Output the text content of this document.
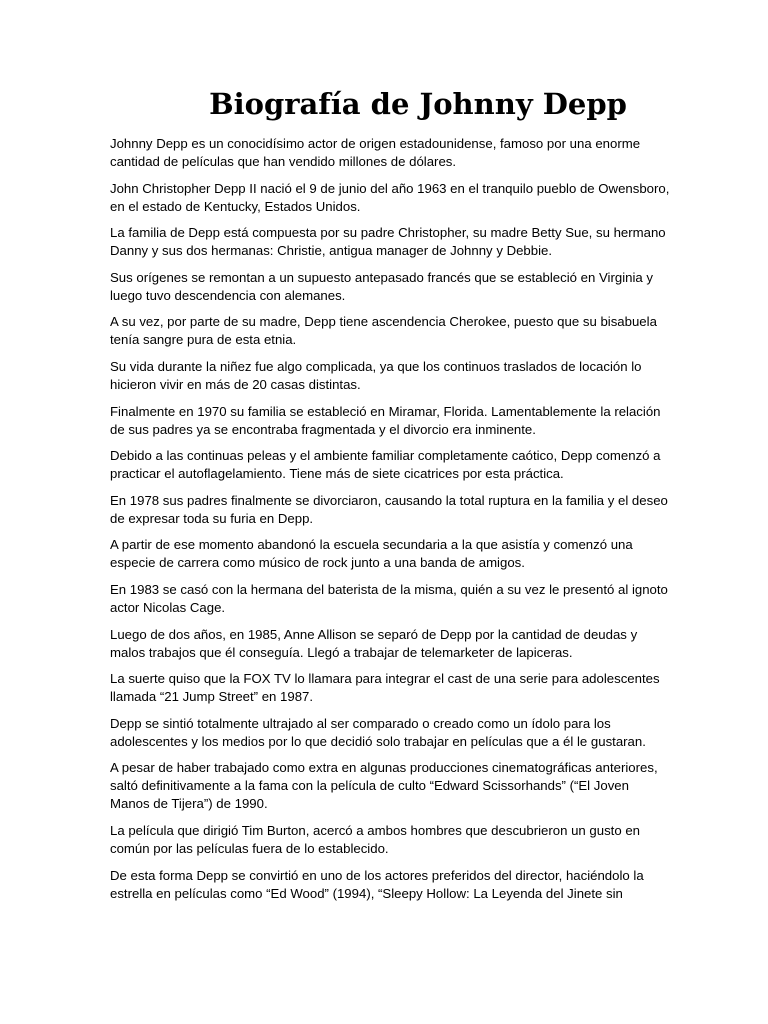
Biografía de Johnny Depp

Johnny Depp es un conocidísimo actor de origen estadounidense, famoso por una enorme cantidad de películas que han vendido millones de dólares.

John Christopher Depp II nació el 9 de junio del año 1963 en el tranquilo pueblo de Owensboro, en el estado de Kentucky, Estados Unidos.

La familia de Depp está compuesta por su padre Christopher, su madre Betty Sue, su hermano Danny y sus dos hermanas: Christie, antigua manager de Johnny y Debbie.

Sus orígenes se remontan a un supuesto antepasado francés que se estableció en Virginia y luego tuvo descendencia con alemanes.

A su vez, por parte de su madre, Depp tiene ascendencia Cherokee, puesto que su bisabuela tenía sangre pura de esta etnia.

Su vida durante la niñez fue algo complicada, ya que los continuos traslados de locación lo hicieron vivir en más de 20 casas distintas.

Finalmente en 1970 su familia se estableció en Miramar, Florida. Lamentablemente la relación de sus padres ya se encontraba fragmentada y el divorcio era inminente.

Debido a las continuas peleas y el ambiente familiar completamente caótico, Depp comenzó a practicar el autoflagelamiento. Tiene más de siete cicatrices por esta práctica.

En 1978 sus padres finalmente se divorciaron, causando la total ruptura en la familia y el deseo de expresar toda su furia en Depp.

A partir de ese momento abandonó la escuela secundaria a la que asistía y comenzó una especie de carrera como músico de rock junto a una banda de amigos.

En 1983 se casó con la hermana del baterista de la misma, quién a su vez le presentó al ignoto actor Nicolas Cage.

Luego de dos años, en 1985, Anne Allison se separó de Depp por la cantidad de deudas y malos trabajos que él conseguía. Llegó a trabajar de telemarketer de lapiceras.

La suerte quiso que la FOX TV lo llamara para integrar el cast de una serie para adolescentes llamada “21 Jump Street” en 1987.

Depp se sintió totalmente ultrajado al ser comparado o creado como un ídolo para los adolescentes y los medios por lo que decidió solo trabajar en películas que a él le gustaran.

A pesar de haber trabajado como extra en algunas producciones cinematográficas anteriores, saltó definitivamente a la fama con la película de culto “Edward Scissorhands” (“El Joven Manos de Tijera”) de 1990.

La película que dirigió Tim Burton, acercó a ambos hombres que descubrieron un gusto en común por las películas fuera de lo establecido.

De esta forma Depp se convirtió en uno de los actores preferidos del director, haciéndolo la estrella en películas como “Ed Wood” (1994), “Sleepy Hollow: La Leyenda del Jinete sin
